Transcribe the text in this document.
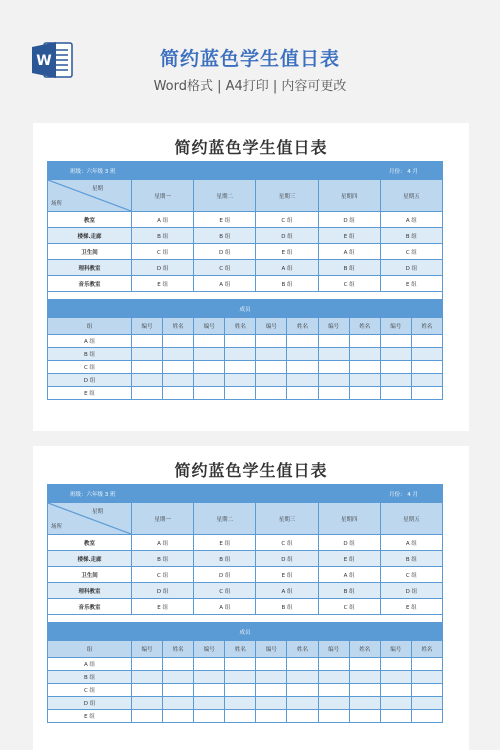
W	简约蓝色学生值日表
Word格式 | A4打印 | 内容可更改
简约蓝色学生值日表
班级：六年级 3 班			月份： 4 月		

星期
场所	星期一	星期二	星期三	星期四	星期五
教室	A 组	E 组	C 组	D 组	A 组
楼梯.走廊	B 组	B 组	D 组	E 组	B 组
卫生间	C 组	D 组	E 组	A 组	C 组
理科教室	D 组	C 组	A 组	B 组	D 组
音乐教室	E 组	A 组	B 组	C 组	E 组

成员										
组	编号	姓名	编号	姓名	编号	姓名	编号	姓名	编号	姓名
A 组										
B 组										
C 组										
D 组										
E 组										
简约蓝色学生值日表
班级：六年级 3 班			月份： 4 月		

星期
场所	星期一	星期二	星期三	星期四	星期五
教室	A 组	E 组	C 组	D 组	A 组
楼梯.走廊	B 组	B 组	D 组	E 组	B 组
卫生间	C 组	D 组	E 组	A 组	C 组
理科教室	D 组	C 组	A 组	B 组	D 组
音乐教室	E 组	A 组	B 组	C 组	E 组

成员										
组	编号	姓名	编号	姓名	编号	姓名	编号	姓名	编号	姓名
A 组										
B 组										
C 组										
D 组										
E 组										
